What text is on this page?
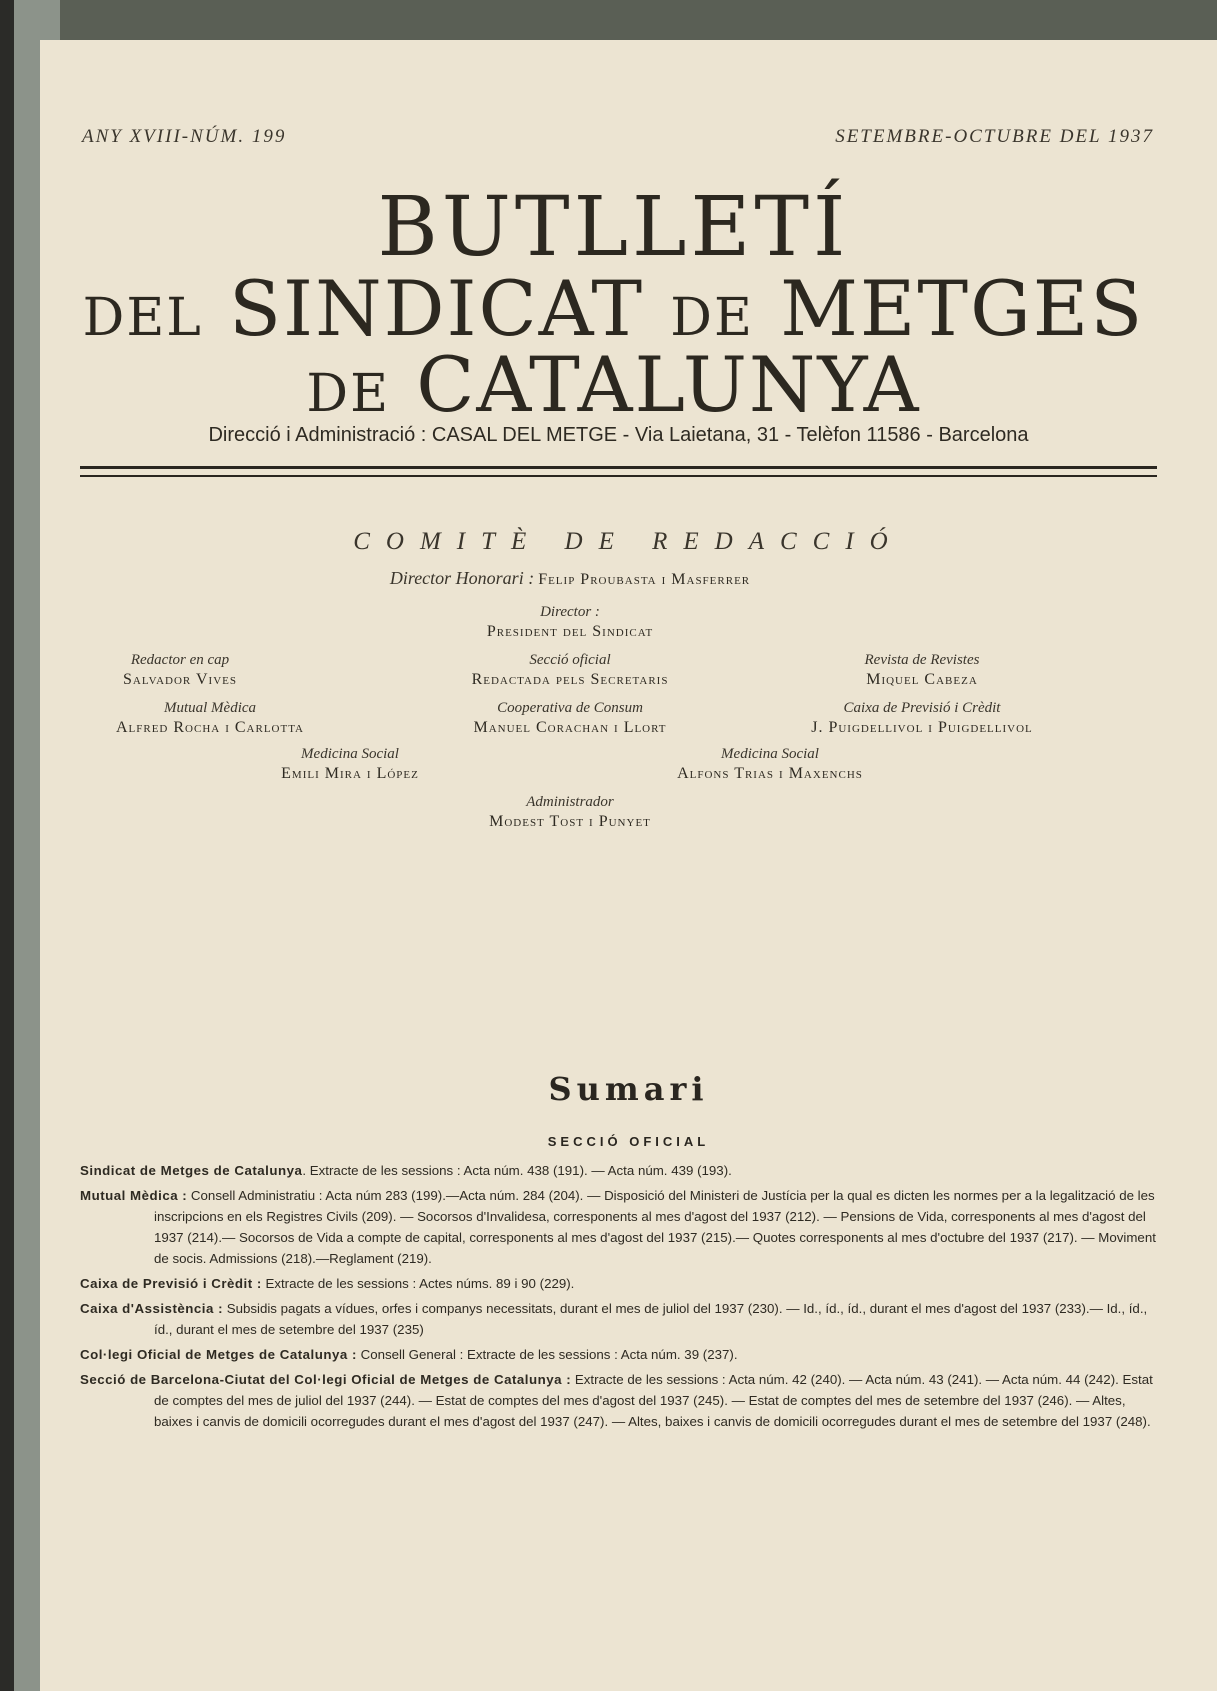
ANY XVIII-NÚM. 199	SETEMBRE-OCTUBRE DEL 1937
BUTLLETÍ
DEL SINDICAT DE METGES
DE CATALUNYA
Direcció i Administració : CASAL DEL METGE - Via Laietana, 31 - Telèfon 11586 - Barcelona
COMITÈ DE REDACCIÓ
Director Honorari : Felip Proubasta i Masferrer
Director :
President del Sindicat
Redactor en cap
Salvador Vives
Secció oficial
Redactada pels Secretaris
Revista de Revistes
Miquel Cabeza
Mutual Mèdica
Alfred Rocha i Carlotta
Cooperativa de Consum
Manuel Corachan i Llort
Caixa de Previsió i Crèdit
J. Puigdellivol i Puigdellivol
Medicina Social
Emili Mira i López
Medicina Social
Alfons Trias i Maxenchs
Administrador
Modest Tost i Punyet
Sumari
SECCIÓ OFICIAL
Sindicat de Metges de Catalunya. Extracte de les sessions : Acta núm. 438 (191). — Acta núm. 439 (193).
Mutual Mèdica : Consell Administratiu : Acta núm 283 (199).—Acta núm. 284 (204). — Disposició del Ministeri de Justícia per la qual es dicten les normes per a la legalització de les inscripcions en els Registres Civils (209). — Socorsos d'Invalidesa, corresponents al mes d'agost del 1937 (212). — Pensions de Vida, corresponents al mes d'agost del 1937 (214).— Socorsos de Vida a compte de capital, corresponents al mes d'agost del 1937 (215).— Quotes corresponents al mes d'octubre del 1937 (217). — Moviment de socis. Admissions (218).—Reglament (219).
Caixa de Previsió i Crèdit : Extracte de les sessions : Actes núms. 89 i 90 (229).
Caixa d'Assistència : Subsidis pagats a vídues, orfes i companys necessitats, durant el mes de juliol del 1937 (230). — Id., íd., íd., durant el mes d'agost del 1937 (233).— Id., íd., íd., durant el mes de setembre del 1937 (235)
Col·legi Oficial de Metges de Catalunya : Consell General : Extracte de les sessions : Acta núm. 39 (237).
Secció de Barcelona-Ciutat del Col·legi Oficial de Metges de Catalunya : Extracte de les sessions : Acta núm. 42 (240). — Acta núm. 43 (241). — Acta núm. 44 (242). Estat de comptes del mes de juliol del 1937 (244). — Estat de comptes del mes d'agost del 1937 (245). — Estat de comptes del mes de setembre del 1937 (246). — Altes, baixes i canvis de domicili ocorregudes durant el mes d'agost del 1937 (247). — Altes, baixes i canvis de domicili ocorregudes durant el mes de setembre del 1937 (248).
